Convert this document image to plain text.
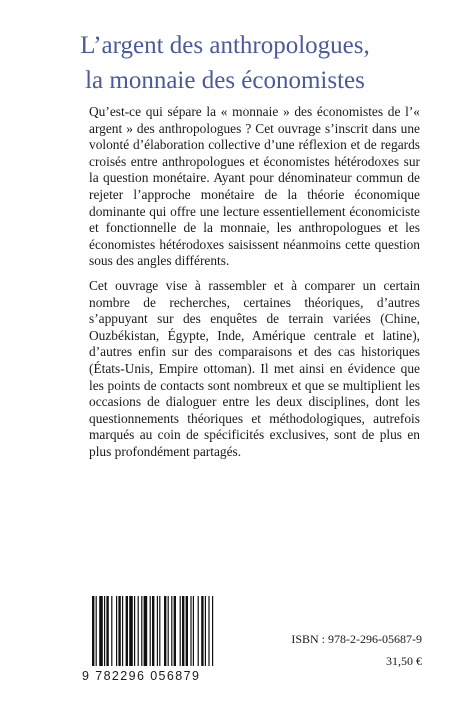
L’argent des anthropologues,
la monnaie des économistes

Qu’est-ce qui sépare la « monnaie » des économistes de l’« argent » des anthropologues ? Cet ouvrage s’inscrit dans une volonté d’élaboration collective d’une réflexion et de regards croisés entre anthropologues et économistes hétérodoxes sur la question monétaire. Ayant pour dénominateur commun de rejeter l’approche monétaire de la théorie économique dominante qui offre une lecture essentiellement économiciste et fonctionnelle de la monnaie, les anthropologues et les économistes hétérodoxes saisissent néanmoins cette question sous des angles différents.

Cet ouvrage vise à rassembler et à comparer un certain nombre de recherches, certaines théoriques, d’autres s’appuyant sur des enquêtes de terrain variées (Chine, Ouzbékistan, Égypte, Inde, Amérique centrale et latine), d’autres enfin sur des comparaisons et des cas historiques (États-Unis, Empire ottoman). Il met ainsi en évidence que les points de contacts sont nombreux et que se multiplient les occasions de dialoguer entre les deux disciplines, dont les questionnements théoriques et méthodologiques, autrefois marqués au coin de spécificités exclusives, sont de plus en plus profondément partagés.

9 782296 056879
ISBN : 978-2-296-05687-9
31,50 €
